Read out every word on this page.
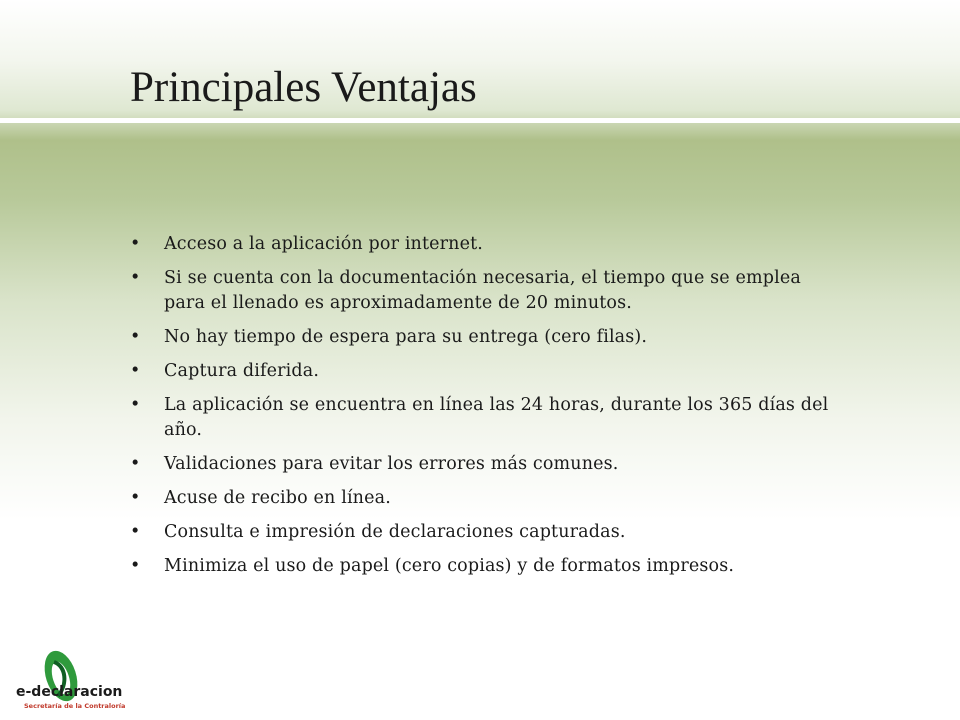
Principales Ventajas
• Acceso a la aplicación por internet.
• Si se cuenta con la documentación necesaria, el tiempo que se emplea para el llenado es aproximadamente de 20 minutos.
• No hay tiempo de espera para su entrega (cero filas).
• Captura diferida.
• La aplicación se encuentra en línea las 24 horas, durante los 365 días del año.
• Validaciones para evitar los errores más comunes.
• Acuse de recibo en línea.
• Consulta e impresión de declaraciones capturadas.
• Minimiza el uso de papel (cero copias) y de formatos impresos.
e-declaracion
Secretaría de la Contraloría
